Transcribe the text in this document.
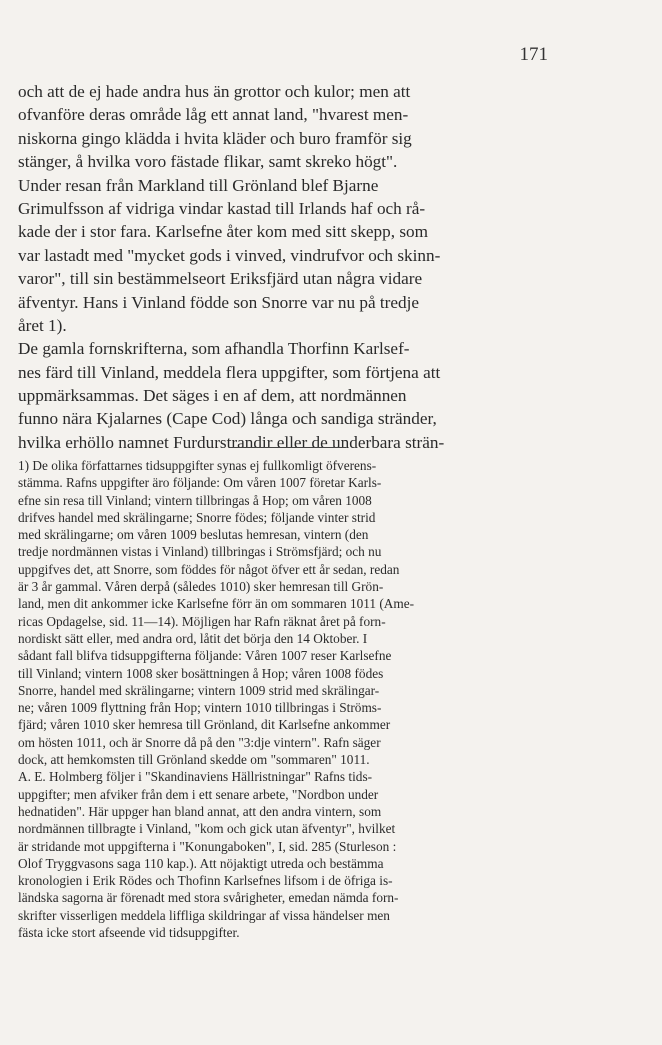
171
och att de ej hade andra hus än grottor och kulor; men att
ofvanföre deras område låg ett annat land, "hvarest men-
niskorna gingo klädda i hvita kläder och buro framför sig
stänger, å hvilka voro fästade flikar, samt skreko högt".
Under resan från Markland till Grönland blef Bjarne
Grimulfsson af vidriga vindar kastad till Irlands haf och rå-
kade der i stor fara. Karlsefne åter kom med sitt skepp, som
var lastadt med "mycket gods i vinved, vindrufvor och skinn-
varor", till sin bestämmelseort Eriksfjärd utan några vidare
äfventyr. Hans i Vinland födde son Snorre var nu på tredje
året 1).
De gamla fornskrifterna, som afhandla Thorfinn Karlsef-
nes färd till Vinland, meddela flera uppgifter, som förtjena att
uppmärksammas. Det säges i en af dem, att nordmännen
funno nära Kjalarnes (Cape Cod) långa och sandiga stränder,
hvilka erhöllo namnet Furdurstrandir eller de underbara strän-
1) De olika författarnes tidsuppgifter synas ej fullkomligt öfverens-
stämma. Rafns uppgifter äro följande: Om våren 1007 företar Karls-
efne sin resa till Vinland; vintern tillbringas å Hop; om våren 1008
drifves handel med skrälingarne; Snorre födes; följande vinter strid
med skrälingarne; om våren 1009 beslutas hemresan, vintern (den
tredje nordmännen vistas i Vinland) tillbringas i Strömsfjärd; och nu
uppgifves det, att Snorre, som föddes för något öfver ett år sedan, redan
är 3 år gammal. Våren derpå (således 1010) sker hemresan till Grön-
land, men dit ankommer icke Karlsefne förr än om sommaren 1011 (Ame-
ricas Opdagelse, sid. 11—14). Möjligen har Rafn räknat året på forn-
nordiskt sätt eller, med andra ord, låtit det börja den 14 Oktober. I
sådant fall blifva tidsuppgifterna följande: Våren 1007 reser Karlsefne
till Vinland; vintern 1008 sker bosättningen å Hop; våren 1008 födes
Snorre, handel med skrälingarne; vintern 1009 strid med skrälingar-
ne; våren 1009 flyttning från Hop; vintern 1010 tillbringas i Ströms-
fjärd; våren 1010 sker hemresa till Grönland, dit Karlsefne ankommer
om hösten 1011, och är Snorre då på den "3:dje vintern". Rafn säger
dock, att hemkomsten till Grönland skedde om "sommaren" 1011.
A. E. Holmberg följer i "Skandinaviens Hällristningar" Rafns tids-
uppgifter; men afviker från dem i ett senare arbete, "Nordbon under
hednatiden". Här uppger han bland annat, att den andra vintern, som
nordmännen tillbragte i Vinland, "kom och gick utan äfventyr", hvilket
är stridande mot uppgifterna i "Konungaboken", I, sid. 285 (Sturleson :
Olof Tryggvasons saga 110 kap.). Att nöjaktigt utreda och bestämma
kronologien i Erik Rödes och Thofinn Karlsefnes lifsom i de öfriga is-
ländska sagorna är förenadt med stora svårigheter, emedan nämda forn-
skrifter visserligen meddela liffliga skildringar af vissa händelser men
fästa icke stort afseende vid tidsuppgifter.
